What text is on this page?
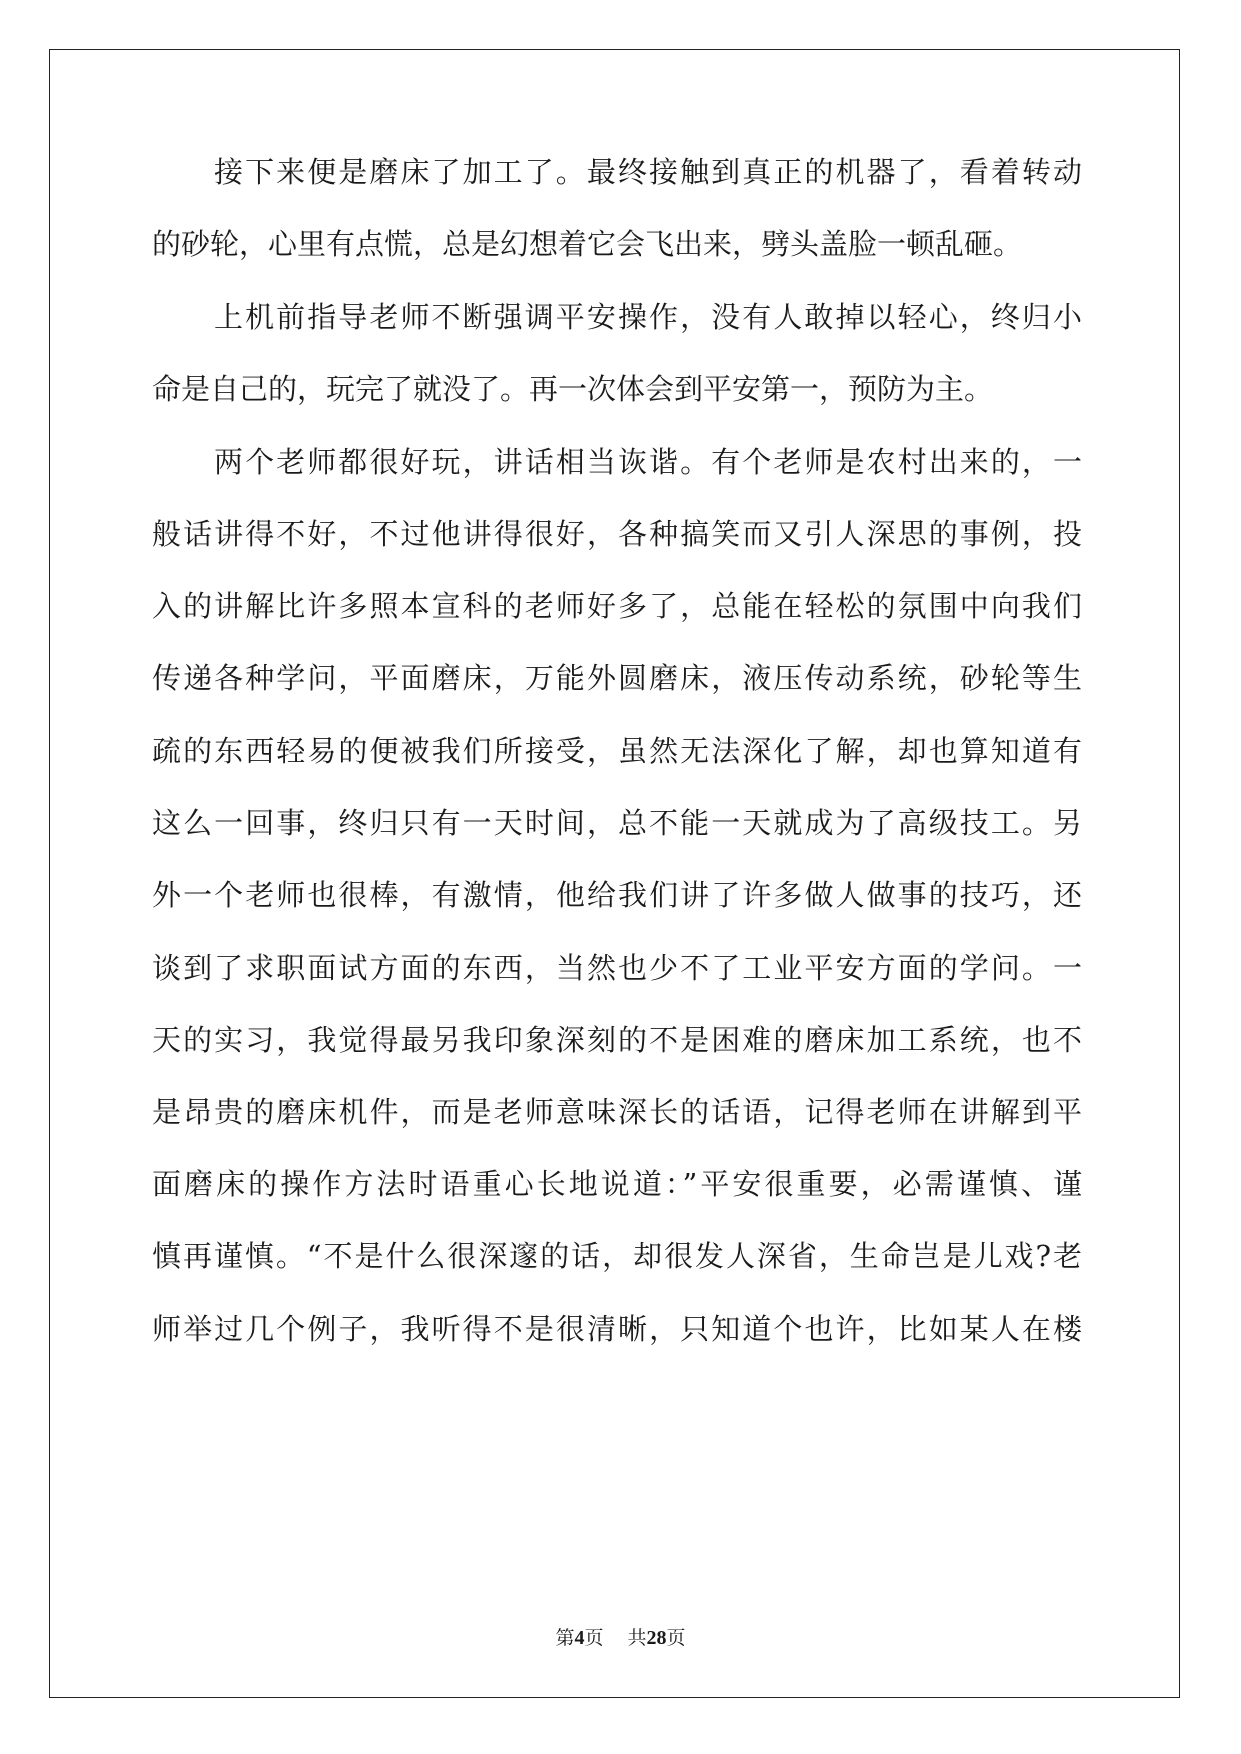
接下来便是磨床了加工了。最终接触到真正的机器了，看着转动
的砂轮，心里有点慌，总是幻想着它会飞出来，劈头盖脸一顿乱砸。
上机前指导老师不断强调平安操作，没有人敢掉以轻心，终归小
命是自己的，玩完了就没了。再一次体会到平安第一，预防为主。
两个老师都很好玩，讲话相当诙谐。有个老师是农村出来的，一
般话讲得不好，不过他讲得很好，各种搞笑而又引人深思的事例，投
入的讲解比许多照本宣科的老师好多了，总能在轻松的氛围中向我们
传递各种学问，平面磨床，万能外圆磨床，液压传动系统，砂轮等生
疏的东西轻易的便被我们所接受，虽然无法深化了解，却也算知道有
这么一回事，终归只有一天时间，总不能一天就成为了高级技工。另
外一个老师也很棒，有激情，他给我们讲了许多做人做事的技巧，还
谈到了求职面试方面的东西，当然也少不了工业平安方面的学问。一
天的实习，我觉得最另我印象深刻的不是困难的磨床加工系统，也不
是昂贵的磨床机件，而是老师意味深长的话语，记得老师在讲解到平
面磨床的操作方法时语重心长地说道：”平安很重要，必需谨慎、谨
慎再谨慎。“不是什么很深邃的话，却很发人深省，生命岂是儿戏?老
师举过几个例子，我听得不是很清晰，只知道个也许，比如某人在楼
第4页 共28页
